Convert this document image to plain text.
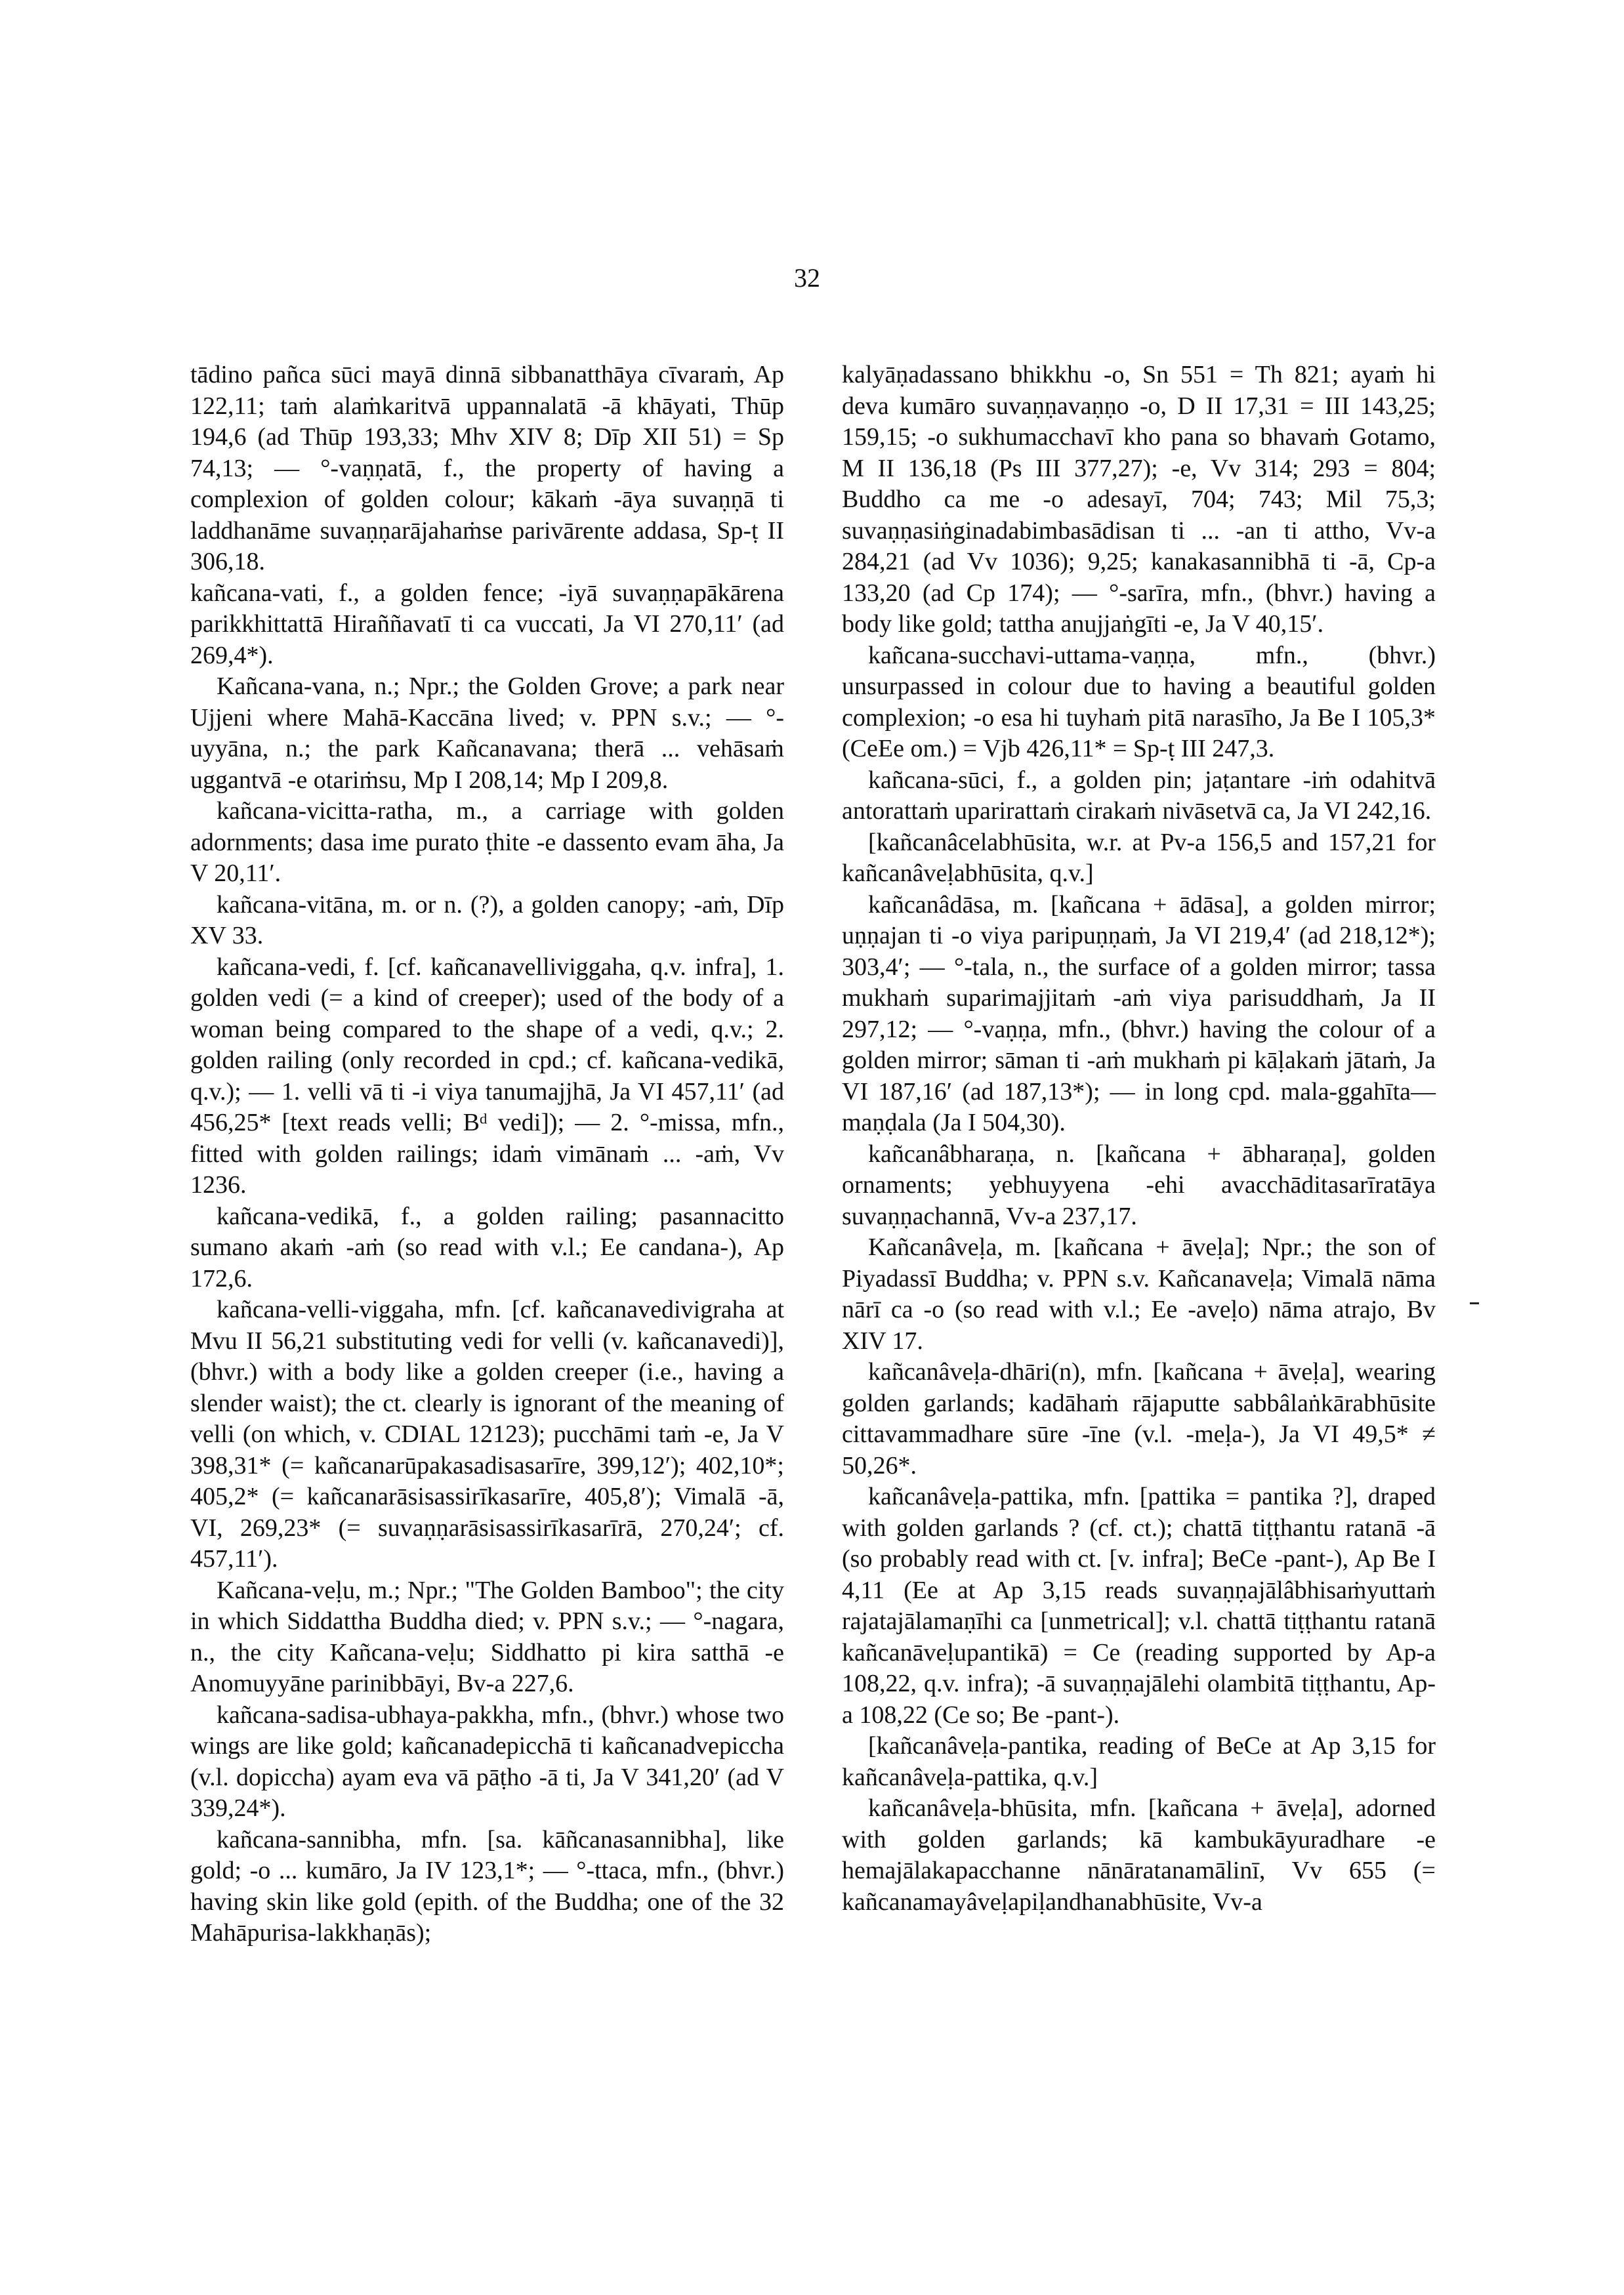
32

tādino pañca sūci mayā dinnā sibbanatthāya cīvaraṁ, Ap 122,11; taṁ alaṁkaritvā uppannalatā -ā khāyati, Thūp 194,6 (ad Thūp 193,33; Mhv XIV 8; Dīp XII 51) = Sp 74,13; — °-vaṇṇatā, f., the property of having a complexion of golden colour; kākaṁ -āya suvaṇṇā ti laddhanāme suvaṇṇarājahaṁse parivārente addasa, Sp-ṭ II 306,18.

kañcana-vati, f., a golden fence; -iyā suvaṇṇapākārena parikkhittattā Hiraññavatī ti ca vuccati, Ja VI 270,11ʹ (ad 269,4*).

Kañcana-vana, n.; Npr.; the Golden Grove; a park near Ujjeni where Mahā-Kaccāna lived; v. PPN s.v.; — °-uyyāna, n.; the park Kañcanavana; therā ... vehāsaṁ uggantvā -e otariṁsu, Mp I 208,14; Mp I 209,8.

kañcana-vicitta-ratha, m., a carriage with golden adornments; dasa ime purato ṭhite -e dassento evam āha, Ja V 20,11ʹ.

kañcana-vitāna, m. or n. (?), a golden canopy; -aṁ, Dīp XV 33.

kañcana-vedi, f. [cf. kañcanavelliviggaha, q.v. infra], 1. golden vedi (= a kind of creeper); used of the body of a woman being compared to the shape of a vedi, q.v.; 2. golden railing (only recorded in cpd.; cf. kañcana-vedikā, q.v.); — 1. velli vā ti -i viya tanumajjhā, Ja VI 457,11ʹ (ad 456,25* [text reads velli; Bᵈ vedi]); — 2. °-missa, mfn., fitted with golden railings; idaṁ vimānaṁ ... -aṁ, Vv 1236.

kañcana-vedikā, f., a golden railing; pasannacitto sumano akaṁ -aṁ (so read with v.l.; Ee candana-), Ap 172,6.

kañcana-velli-viggaha, mfn. [cf. kañcanavedivigraha at Mvu II 56,21 substituting vedi for velli (v. kañcanavedi)], (bhvr.) with a body like a golden creeper (i.e., having a slender waist); the ct. clearly is ignorant of the meaning of velli (on which, v. CDIAL 12123); pucchāmi taṁ -e, Ja V 398,31* (= kañcanarūpakasadisasarīre, 399,12ʹ); 402,10*; 405,2* (= kañcanarāsisassirīkasarīre, 405,8ʹ); Vimalā -ā, VI, 269,23* (= suvaṇṇarāsisassirīkasarīrā, 270,24ʹ; cf. 457,11ʹ).

Kañcana-veḷu, m.; Npr.; "The Golden Bamboo"; the city in which Siddattha Buddha died; v. PPN s.v.; — °-nagara, n., the city Kañcana-veḷu; Siddhatto pi kira satthā -e Anomuyyāne parinibbāyi, Bv-a 227,6.

kañcana-sadisa-ubhaya-pakkha, mfn., (bhvr.) whose two wings are like gold; kañcanadepicchā ti kañcanadvepiccha (v.l. dopiccha) ayam eva vā pāṭho -ā ti, Ja V 341,20ʹ (ad V 339,24*).

kañcana-sannibha, mfn. [sa. kāñcanasannibha], like gold; -o ... kumāro, Ja IV 123,1*; — °-ttaca, mfn., (bhvr.) having skin like gold (epith. of the Buddha; one of the 32 Mahāpurisa-lakkhaṇās);

kalyāṇadassano bhikkhu -o, Sn 551 = Th 821; ayaṁ hi deva kumāro suvaṇṇavaṇṇo -o, D II 17,31 = III 143,25; 159,15; -o sukhumacchavī kho pana so bhavaṁ Gotamo, M II 136,18 (Ps III 377,27); -e, Vv 314; 293 = 804; Buddho ca me -o adesayī, 704; 743; Mil 75,3; suvaṇṇasiṅginadabimbasādisan ti ... -an ti attho, Vv-a 284,21 (ad Vv 1036); 9,25; kanakasannibhā ti -ā, Cp-a 133,20 (ad Cp 174); — °-sarīra, mfn., (bhvr.) having a body like gold; tattha anujjaṅgīti -e, Ja V 40,15ʹ.

kañcana-succhavi-uttama-vaṇṇa, mfn., (bhvr.) unsurpassed in colour due to having a beautiful golden complexion; -o esa hi tuyhaṁ pitā narasīho, Ja Be I 105,3* (CeEe om.) = Vjb 426,11* = Sp-ṭ III 247,3.

kañcana-sūci, f., a golden pin; jaṭantare -iṁ odahitvā antorattaṁ uparirattaṁ cirakaṁ nivāsetvā ca, Ja VI 242,16.

[kañcanâcelabhūsita, w.r. at Pv-a 156,5 and 157,21 for kañcanâveḷabhūsita, q.v.]

kañcanâdāsa, m. [kañcana + ādāsa], a golden mirror; uṇṇajan ti -o viya paripuṇṇaṁ, Ja VI 219,4ʹ (ad 218,12*); 303,4ʹ; — °-tala, n., the surface of a golden mirror; tassa mukhaṁ suparimajjitaṁ -aṁ viya parisuddhaṁ, Ja II 297,12; — °-vaṇṇa, mfn., (bhvr.) having the colour of a golden mirror; sāman ti -aṁ mukhaṁ pi kāḷakaṁ jātaṁ, Ja VI 187,16ʹ (ad 187,13*); — in long cpd. mala-ggahīta—maṇḍala (Ja I 504,30).

kañcanâbharaṇa, n. [kañcana + ābharaṇa], golden ornaments; yebhuyyena -ehi avacchāditasarīratāya suvaṇṇachannā, Vv-a 237,17.

Kañcanâveḷa, m. [kañcana + āveḷa]; Npr.; the son of Piyadassī Buddha; v. PPN s.v. Kañcanaveḷa; Vimalā nāma nārī ca -o (so read with v.l.; Ee -aveḷo) nāma atrajo, Bv XIV 17.

kañcanâveḷa-dhāri(n), mfn. [kañcana + āveḷa], wearing golden garlands; kadāhaṁ rājaputte sabbâlaṅkārabhūsite cittavammadhare sūre -īne (v.l. -meḷa-), Ja VI 49,5* ≠ 50,26*.

kañcanâveḷa-pattika, mfn. [pattika = pantika ?], draped with golden garlands ? (cf. ct.); chattā tiṭṭhantu ratanā -ā (so probably read with ct. [v. infra]; BeCe -pant-), Ap Be I 4,11 (Ee at Ap 3,15 reads suvaṇṇajālâbhisaṁyuttaṁ rajatajālamaṇīhi ca [unmetrical]; v.l. chattā tiṭṭhantu ratanā kañcanāveḷupantikā) = Ce (reading supported by Ap-a 108,22, q.v. infra); -ā suvaṇṇajālehi olambitā tiṭṭhantu, Ap-a 108,22 (Ce so; Be -pant-).

[kañcanâveḷa-pantika, reading of BeCe at Ap 3,15 for kañcanâveḷa-pattika, q.v.]

kañcanâveḷa-bhūsita, mfn. [kañcana + āveḷa], adorned with golden garlands; kā kambukāyuradhare -e hemajālakapacchanne nānāratanamālinī, Vv 655 (= kañcanamayâveḷapiḷandhanabhūsite, Vv-a
